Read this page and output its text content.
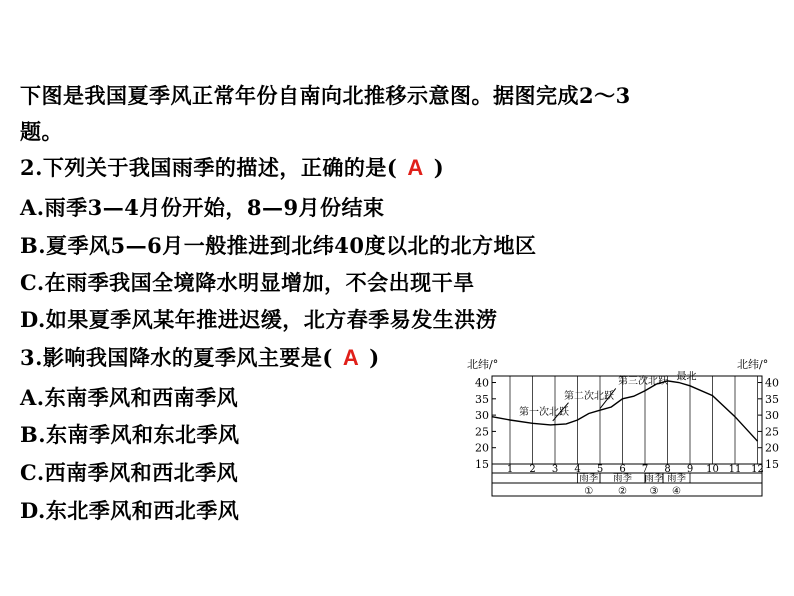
下图是我国夏季风正常年份自南向北推移示意图。据图完成2～3
题。
2.下列关于我国雨季的描述，正确的是( A )
A.雨季3—4月份开始，8—9月份结束
B.夏季风5—6月一般推进到北纬40度以北的北方地区
C.在雨季我国全境降水明显增加，不会出现干旱
D.如果夏季风某年推进迟缓，北方春季易发生洪涝
3.影响我国降水的夏季风主要是( A )
A.东南季风和西南季风
B.东南季风和东北季风
C.西南季风和西北季风
D.东北季风和西北季风
北纬/°	北纬/°
15	15
20	20
25	25
30	30
35	35
40	40
1 2 3 4 5 6 7 8 9 10 11 12
第一次北跃
第二次北跃
第三次北跃 最北
雨季
①
雨季
②
雨季
③
雨季
④
